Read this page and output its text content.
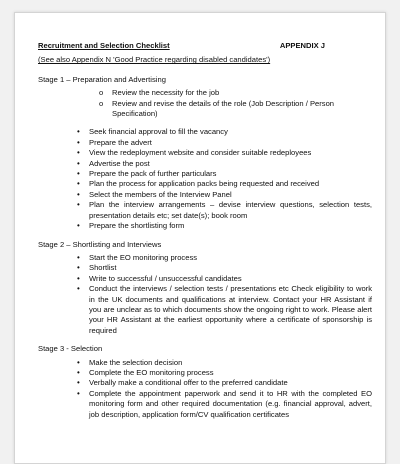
Recruitment and Selection Checklist	APPENDIX J
(See also Appendix N 'Good Practice regarding disabled candidates')
Stage 1 – Preparation and Advertising
o Review the necessity for the job
o Review and revise the details of the role (Job Description / Person Specification)
• Seek financial approval to fill the vacancy
• Prepare the advert
• View the redeployment website and consider suitable redeployees
• Advertise the post
• Prepare the pack of further particulars
• Plan the process for application packs being requested and received
• Select the members of the Interview Panel
• Plan the interview arrangements – devise interview questions, selection tests, presentation details etc; set date(s); book room
• Prepare the shortlisting form
Stage 2 – Shortlisting and Interviews
• Start the EO monitoring process
• Shortlist
• Write to successful / unsuccessful candidates
• Conduct the interviews / selection tests / presentations etc Check eligibility to work in the UK documents and qualifications at interview. Contact your HR Assistant if you are unclear as to which documents show the ongoing right to work. Please alert your HR Assistant at the earliest opportunity where a certificate of sponsorship is required
Stage 3 - Selection
• Make the selection decision
• Complete the EO monitoring process
• Verbally make a conditional offer to the preferred candidate
• Complete the appointment paperwork and send it to HR with the completed EO monitoring form and other required documentation (e.g. financial approval, advert, job description, application form/CV qualification certificates
